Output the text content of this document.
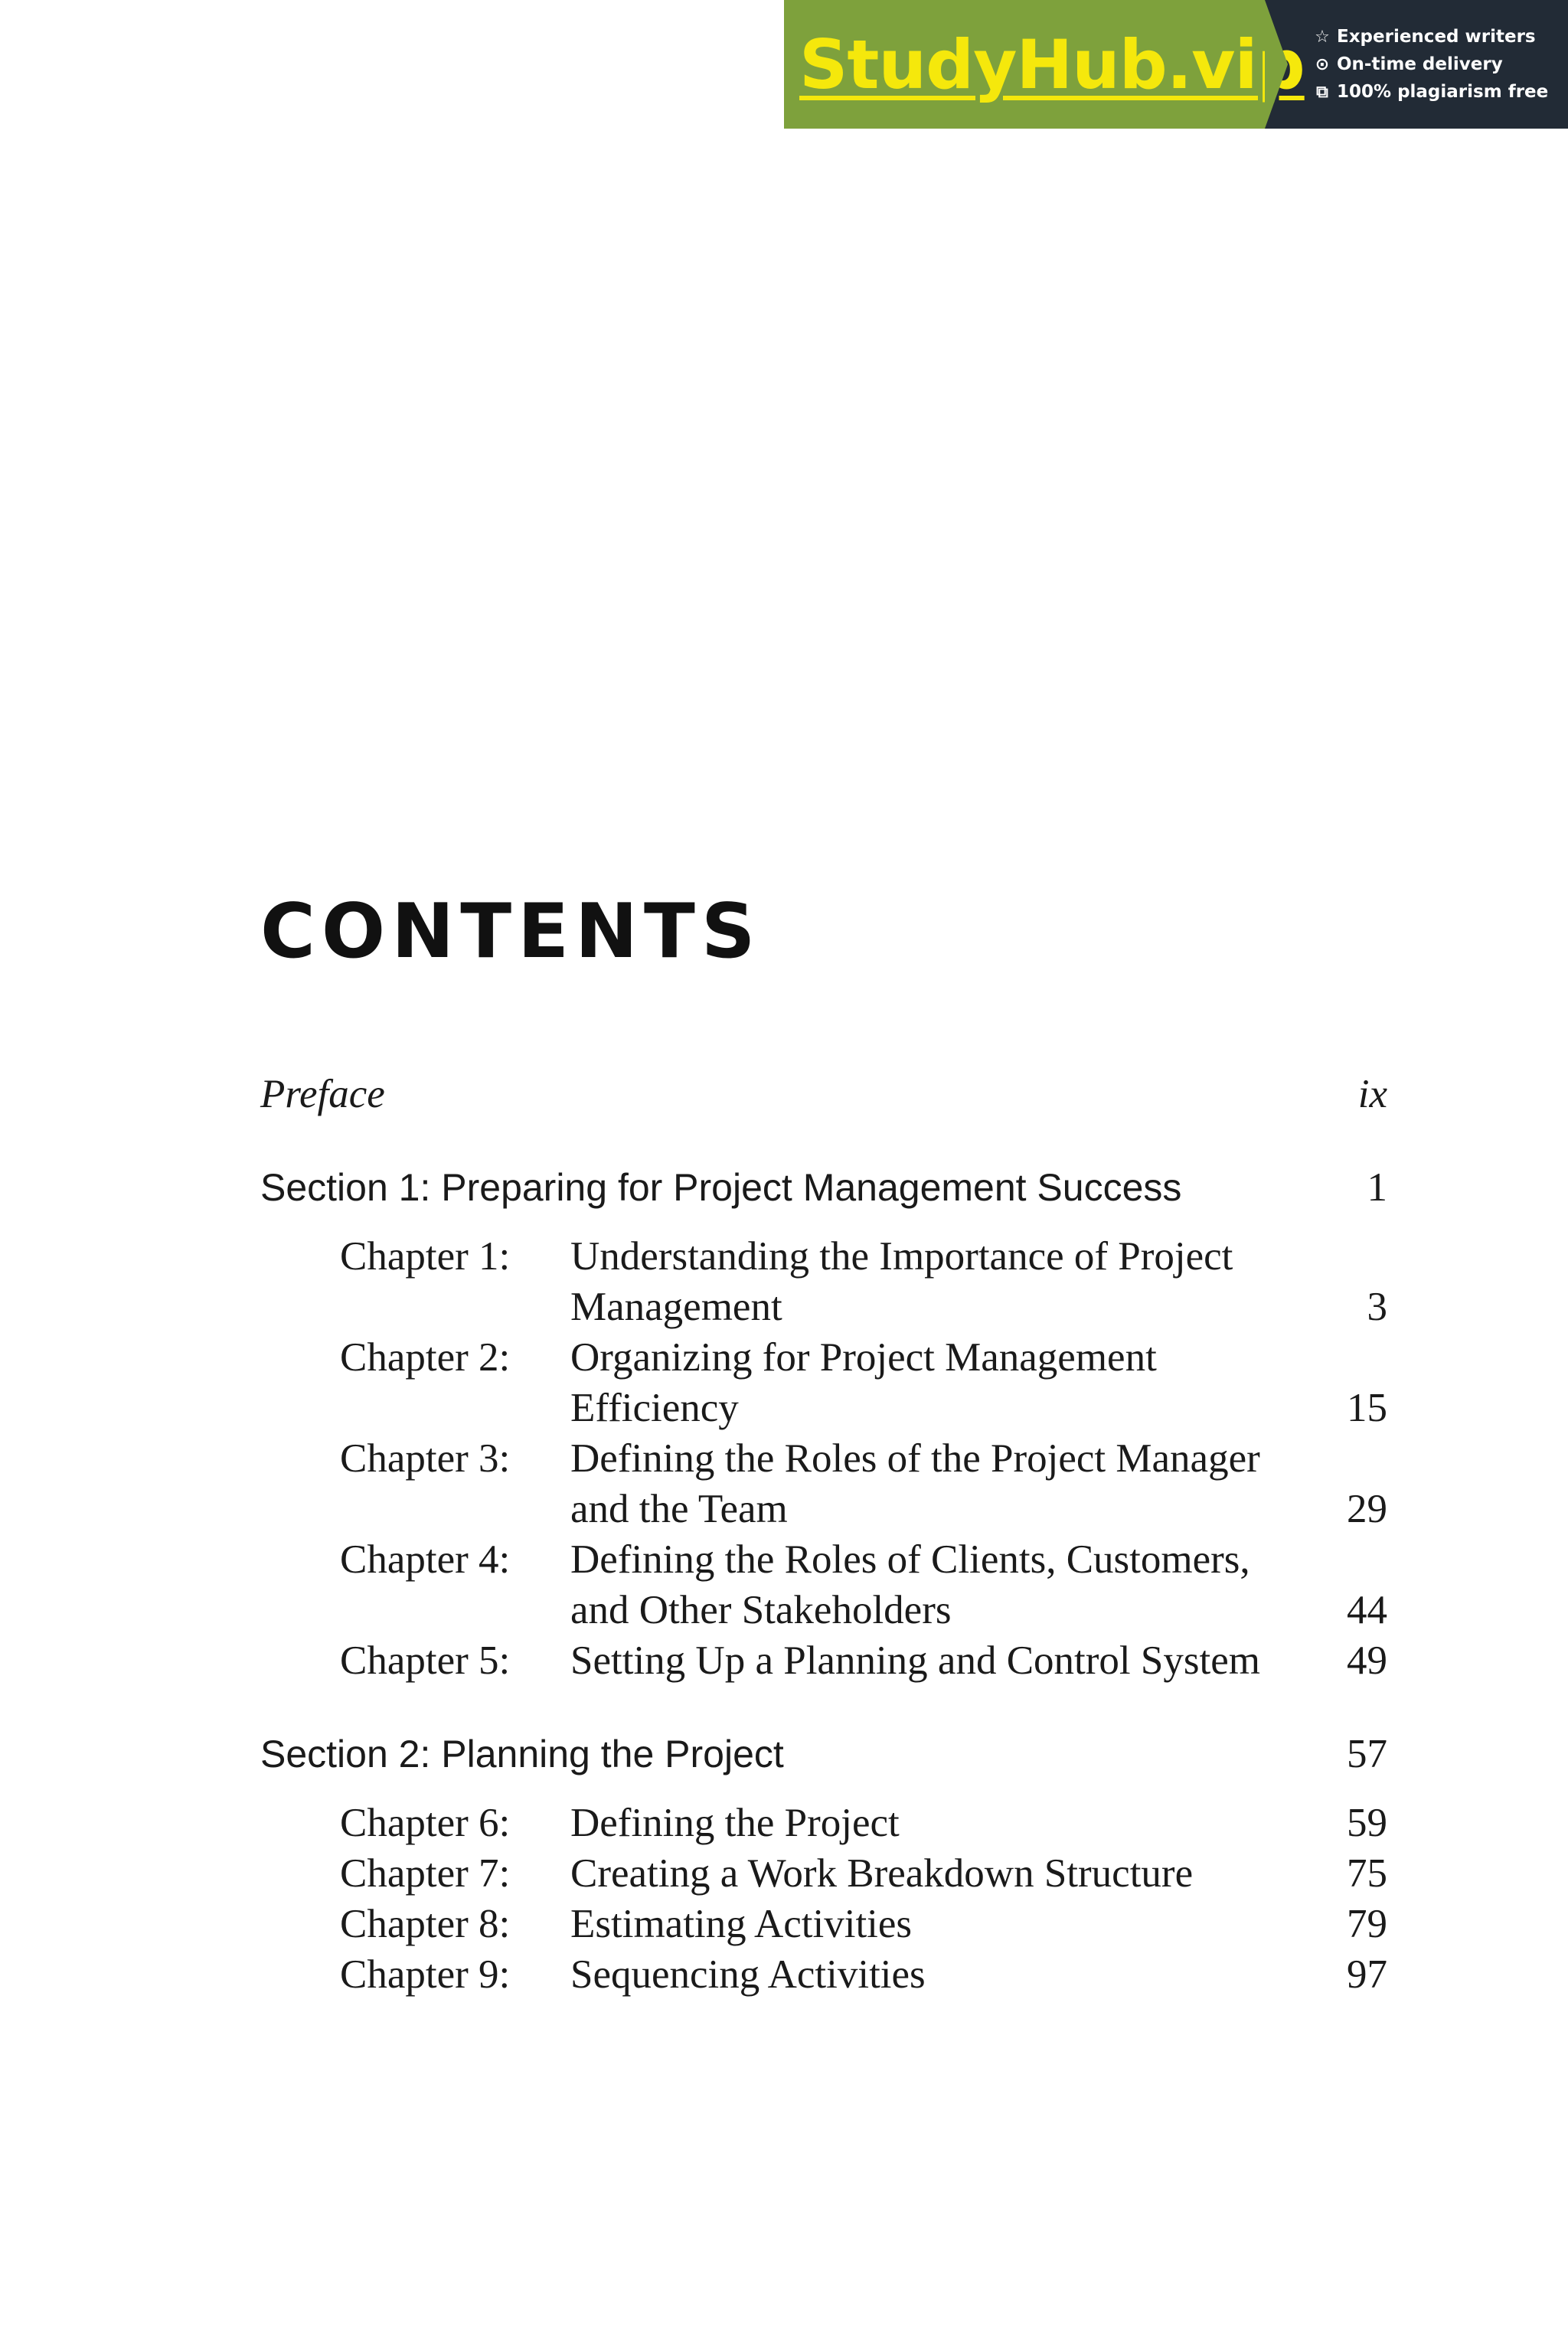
StudyHub.vip ☆ Experienced writers
⊙ On-time delivery
⧉ 100% plagiarism free
CONTENTS
Preface	ix
Section 1: Preparing for Project Management Success	1
Chapter 1: Understanding the Importance of Project Management	3
Chapter 2: Organizing for Project Management Efficiency	15
Chapter 3: Defining the Roles of the Project Manager and the Team	29
Chapter 4: Defining the Roles of Clients, Customers, and Other Stakeholders	44
Chapter 5: Setting Up a Planning and Control System	49
Section 2: Planning the Project	57
Chapter 6: Defining the Project	59
Chapter 7: Creating a Work Breakdown Structure	75
Chapter 8: Estimating Activities	79
Chapter 9: Sequencing Activities	97
